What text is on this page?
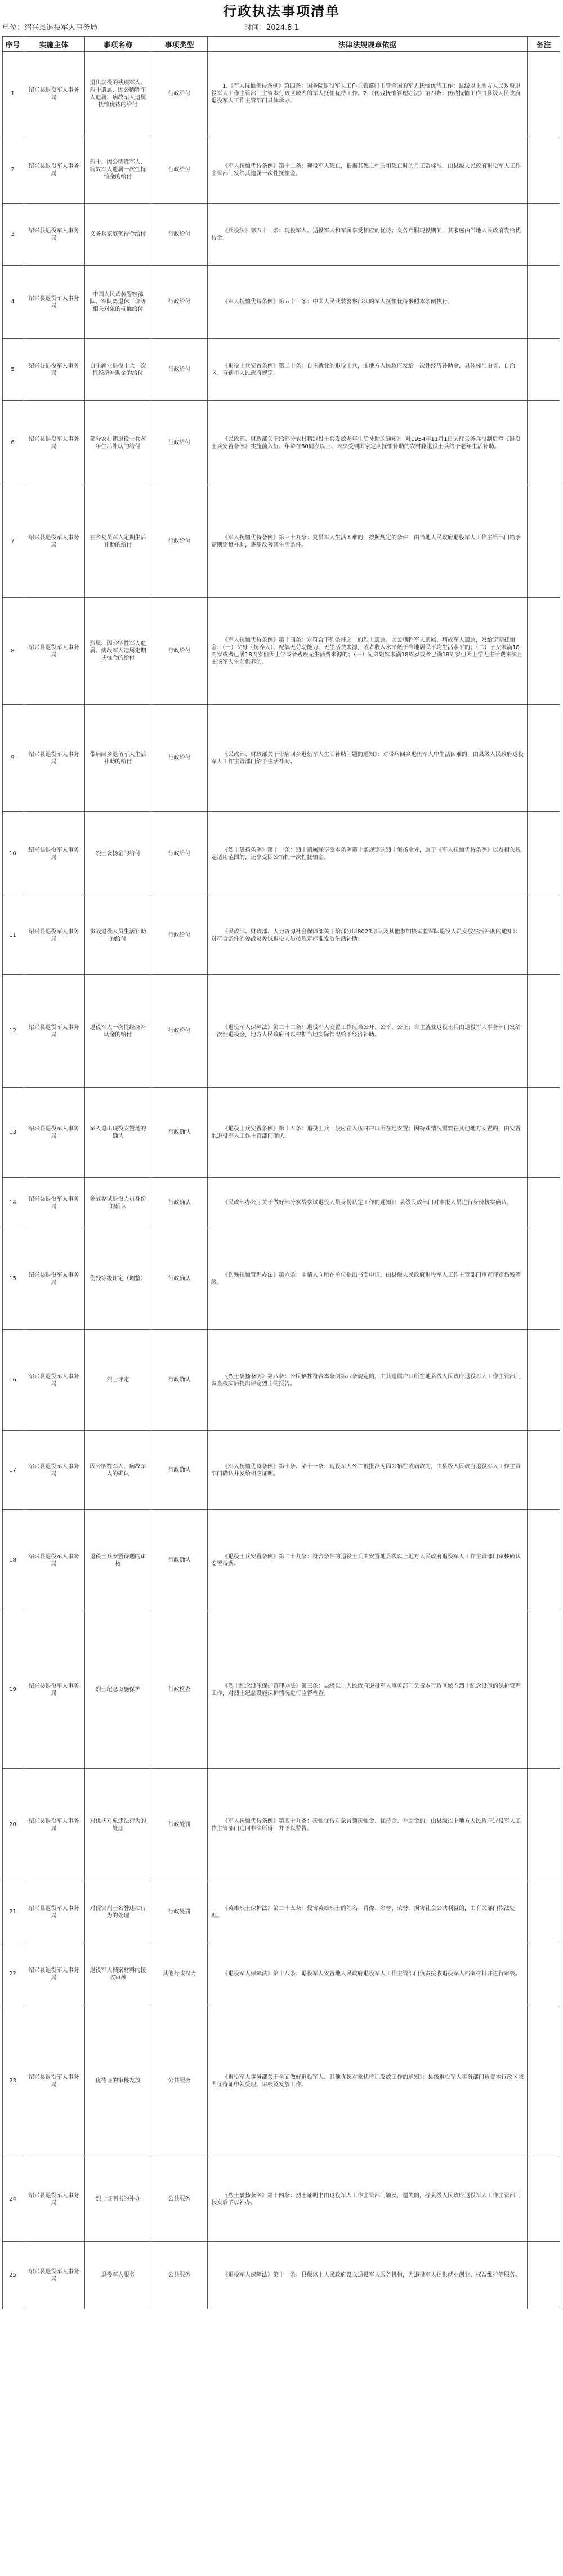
行政执法事项清单
单位：绍兴县退役军人事务局	时间：2024.8.1
序号	实施主体	事项名称	事项类型	法律法规规章依据	备注
1	绍兴县退役军人事务局	退出现役的残疾军人、烈士遗属、因公牺牲军人遗属、病故军人遗属抚恤优待的给付	行政给付	1.《军人抚恤优待条例》第四条：国务院退役军人工作主管部门主管全国的军人抚恤优待工作；县级以上地方人民政府退役军人工作主管部门主管本行政区域内的军人抚恤优待工作。2.《伤残抚恤管理办法》第四条：伤残抚恤工作由县级人民政府退役军人工作主管部门具体承办。	
2	绍兴县退役军人事务局	烈士、因公牺牲军人、病故军人遗属一次性抚恤金的给付	行政给付	《军人抚恤优待条例》第十二条：现役军人死亡，根据其死亡性质和死亡时的月工资标准，由县级人民政府退役军人工作主管部门发给其遗属一次性抚恤金。	
3	绍兴县退役军人事务局	义务兵家庭优待金给付	行政给付	《兵役法》第五十一条：现役军人、退役军人和军属享受相应的优待；义务兵服现役期间，其家庭由当地人民政府发给优待金。	
4	绍兴县退役军人事务局	中国人民武装警察部队、军队离退休干部等相关对象的抚恤给付	行政给付	《军人抚恤优待条例》第五十一条：中国人民武装警察部队的军人抚恤优待参照本条例执行。	
5	绍兴县退役军人事务局	自主就业退役士兵一次性经济补助金的给付	行政给付	《退役士兵安置条例》第二十条：自主就业的退役士兵，由地方人民政府发给一次性经济补助金，具体标准由省、自治区、直辖市人民政府规定。	
6	绍兴县退役军人事务局	部分农村籍退役士兵老年生活补助的给付	行政给付	《民政部、财政部关于给部分农村籍退役士兵发放老年生活补助的通知》：对1954年11月1日试行义务兵役制后至《退役士兵安置条例》实施前入伍、年龄在60周岁以上、未享受到国家定期抚恤补助的农村籍退役士兵给予老年生活补助。	
7	绍兴县退役军人事务局	在乡复员军人定期生活补助的给付	行政给付	《军人抚恤优待条例》第三十九条：复员军人生活困难的，按照规定的条件，由当地人民政府退役军人工作主管部门给予定期定量补助，逐步改善其生活条件。	
8	绍兴县退役军人事务局	烈属、因公牺牲军人遗属、病故军人遗属定期抚恤金的给付	行政给付	《军人抚恤优待条例》第十四条：对符合下列条件之一的烈士遗属、因公牺牲军人遗属、病故军人遗属，发给定期抚恤金：（一）父母（抚养人）、配偶无劳动能力、无生活费来源，或者收入水平低于当地居民平均生活水平的；（二）子女未满18周岁或者已满18周岁但因上学或者残疾无生活费来源的；（三）兄弟姐妹未满18周岁或者已满18周岁但因上学无生活费来源且由该军人生前供养的。	
9	绍兴县退役军人事务局	带病回乡退伍军人生活补助的给付	行政给付	《民政部、财政部关于带病回乡退伍军人生活补助问题的通知》：对带病回乡退伍军人中生活困难的，由县级人民政府退役军人工作主管部门给予生活补助。	
10	绍兴县退役军人事务局	烈士褒扬金的给付	行政给付	《烈士褒扬条例》第十一条：烈士遗属除享受本条例第十条规定的烈士褒扬金外，属于《军人抚恤优待条例》以及相关规定适用范围的，还享受因公牺牲一次性抚恤金。	
11	绍兴县退役军人事务局	参战退役人员生活补助的给付	行政给付	《民政部、财政部、人力资源社会保障部关于给部分原8023部队及其他参加核试验军队退役人员发放生活补助的通知》：对符合条件的参战及参试退役人员按规定标准发放生活补助。	
12	绍兴县退役军人事务局	退役军人一次性经济补助金的给付	行政给付	《退役军人保障法》第二十二条：退役军人安置工作应当公开、公平、公正；自主就业退役士兵由退役军人事务部门发给一次性退役金，地方人民政府可以根据当地实际情况给予经济补助。	
13	绍兴县退役军人事务局	军人退出现役安置地的确认	行政确认	《退役士兵安置条例》第十五条：退役士兵一般应在入伍时户口所在地安置；因特殊情况需要在其他地方安置的，由安置地退役军人工作主管部门确认。	
14	绍兴县退役军人事务局	参战参试退役人员身份的确认	行政确认	《民政部办公厅关于做好部分参战参试退役人员身份认定工作的通知》：县级民政部门对申报人员进行身份核实确认。	
15	绍兴县退役军人事务局	伤残等级评定（调整）	行政确认	《伤残抚恤管理办法》第六条：申请人向所在单位提出书面申请，由县级人民政府退役军人工作主管部门审查评定伤残等级。	
16	绍兴县退役军人事务局	烈士评定	行政确认	《烈士褒扬条例》第八条：公民牺牲符合本条例第八条规定的，由其遗属户口所在地县级人民政府退役军人工作主管部门调查核实后提出评定烈士的报告。	
17	绍兴县退役军人事务局	因公牺牲军人、病故军人的确认	行政确认	《军人抚恤优待条例》第十条、第十一条：现役军人死亡被批准为因公牺牲或病故的，由县级人民政府退役军人工作主管部门确认并发给相应证明。	
18	绍兴县退役军人事务局	退役士兵安置待遇的审核	行政确认	《退役士兵安置条例》第二十九条：符合条件的退役士兵由安置地县级以上地方人民政府退役军人工作主管部门审核确认安置待遇。	
19	绍兴县退役军人事务局	烈士纪念设施保护	行政检查	《烈士纪念设施保护管理办法》第三条：县级以上人民政府退役军人事务部门负责本行政区域内烈士纪念设施的保护管理工作，对烈士纪念设施保护情况进行监督检查。	
20	绍兴县退役军人事务局	对优抚对象违法行为的处理	行政处罚	《军人抚恤优待条例》第四十九条：抚恤优待对象冒领抚恤金、优待金、补助金的，由县级以上地方人民政府退役军人工作主管部门追回非法所得，并予以警告。	
21	绍兴县退役军人事务局	对侵害烈士名誉违法行为的处理	行政处罚	《英雄烈士保护法》第二十五条：侵害英雄烈士的姓名、肖像、名誉、荣誉，损害社会公共利益的，由有关部门依法处理。	
22	绍兴县退役军人事务局	退役军人档案材料的接收审核	其他行政权力	《退役军人保障法》第十八条：退役军人安置地人民政府退役军人工作主管部门负责接收退役军人档案材料并进行审核。	
23	绍兴县退役军人事务局	优待证的审核发放	公共服务	《退役军人事务部关于全面做好退役军人、其他优抚对象优待证发放工作的通知》：县级退役军人事务部门负责本行政区域内优待证申领受理、审核及发放工作。	
24	绍兴县退役军人事务局	烈士证明书的补办	公共服务	《烈士褒扬条例》第十四条：烈士证明书由退役军人工作主管部门颁发，遗失的，经县级人民政府退役军人工作主管部门核实后予以补办。	
25	绍兴县退役军人事务局	退役军人服务	公共服务	《退役军人保障法》第十一条：县级以上人民政府设立退役军人服务机构，为退役军人提供就业创业、权益维护等服务。	
